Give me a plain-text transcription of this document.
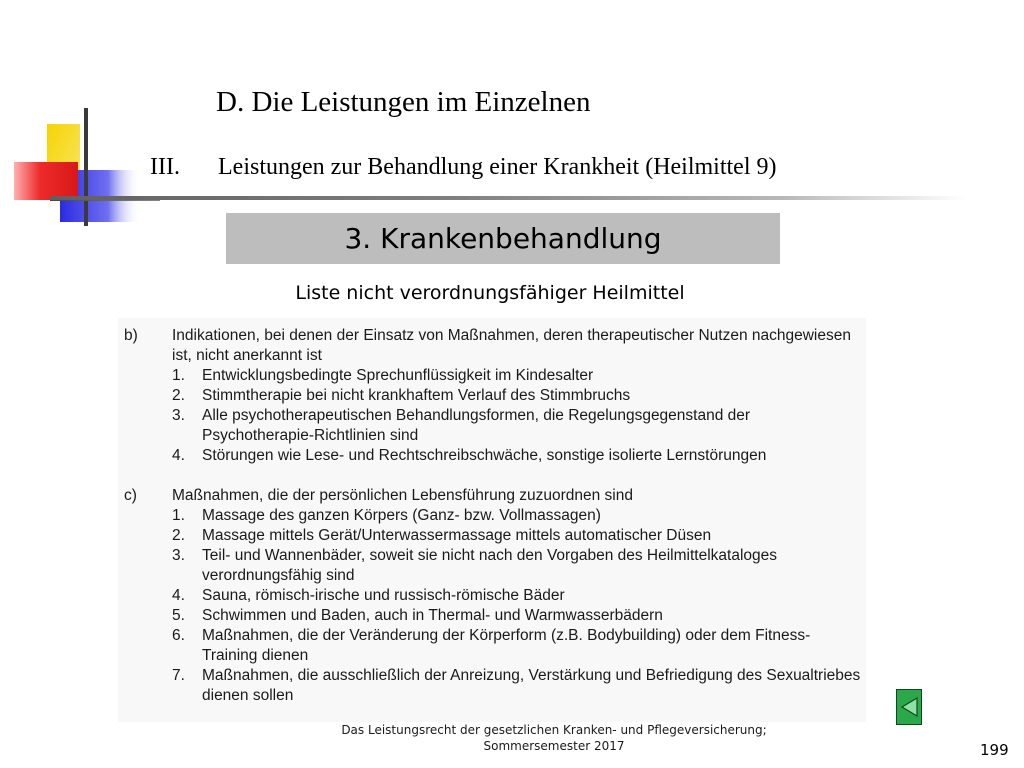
D. Die Leistungen im Einzelnen
III. Leistungen zur Behandlung einer Krankheit (Heilmittel 9)
3. Krankenbehandlung
Liste nicht verordnungsfähiger Heilmittel
b)	Indikationen, bei denen der Einsatz von Maßnahmen, deren therapeutischer Nutzen nachgewiesen ist, nicht anerkannt ist
1.	Entwicklungsbedingte Sprechunflüssigkeit im Kindesalter
2.	Stimmtherapie bei nicht krankhaftem Verlauf des Stimmbruchs
3.	Alle psychotherapeutischen Behandlungsformen, die Regelungsgegenstand der Psychotherapie-Richtlinien sind
4.	Störungen wie Lese- und Rechtschreibschwäche, sonstige isolierte Lernstörungen
c)	Maßnahmen, die der persönlichen Lebensführung zuzuordnen sind
1.	Massage des ganzen Körpers (Ganz- bzw. Vollmassagen)
2.	Massage mittels Gerät/Unterwassermassage mittels automatischer Düsen
3.	Teil- und Wannenbäder, soweit sie nicht nach den Vorgaben des Heilmittelkataloges verordnungsfähig sind
4.	Sauna, römisch-irische und russisch-römische Bäder
5.	Schwimmen und Baden, auch in Thermal- und Warmwasserbädern
6.	Maßnahmen, die der Veränderung der Körperform (z.B. Bodybuilding) oder dem Fitness-Training dienen
7.	Maßnahmen, die ausschließlich der Anreizung, Verstärkung und Befriedigung des Sexualtriebes dienen sollen
Das Leistungsrecht der gesetzlichen Kranken- und Pflegeversicherung;
Sommersemester 2017	199
